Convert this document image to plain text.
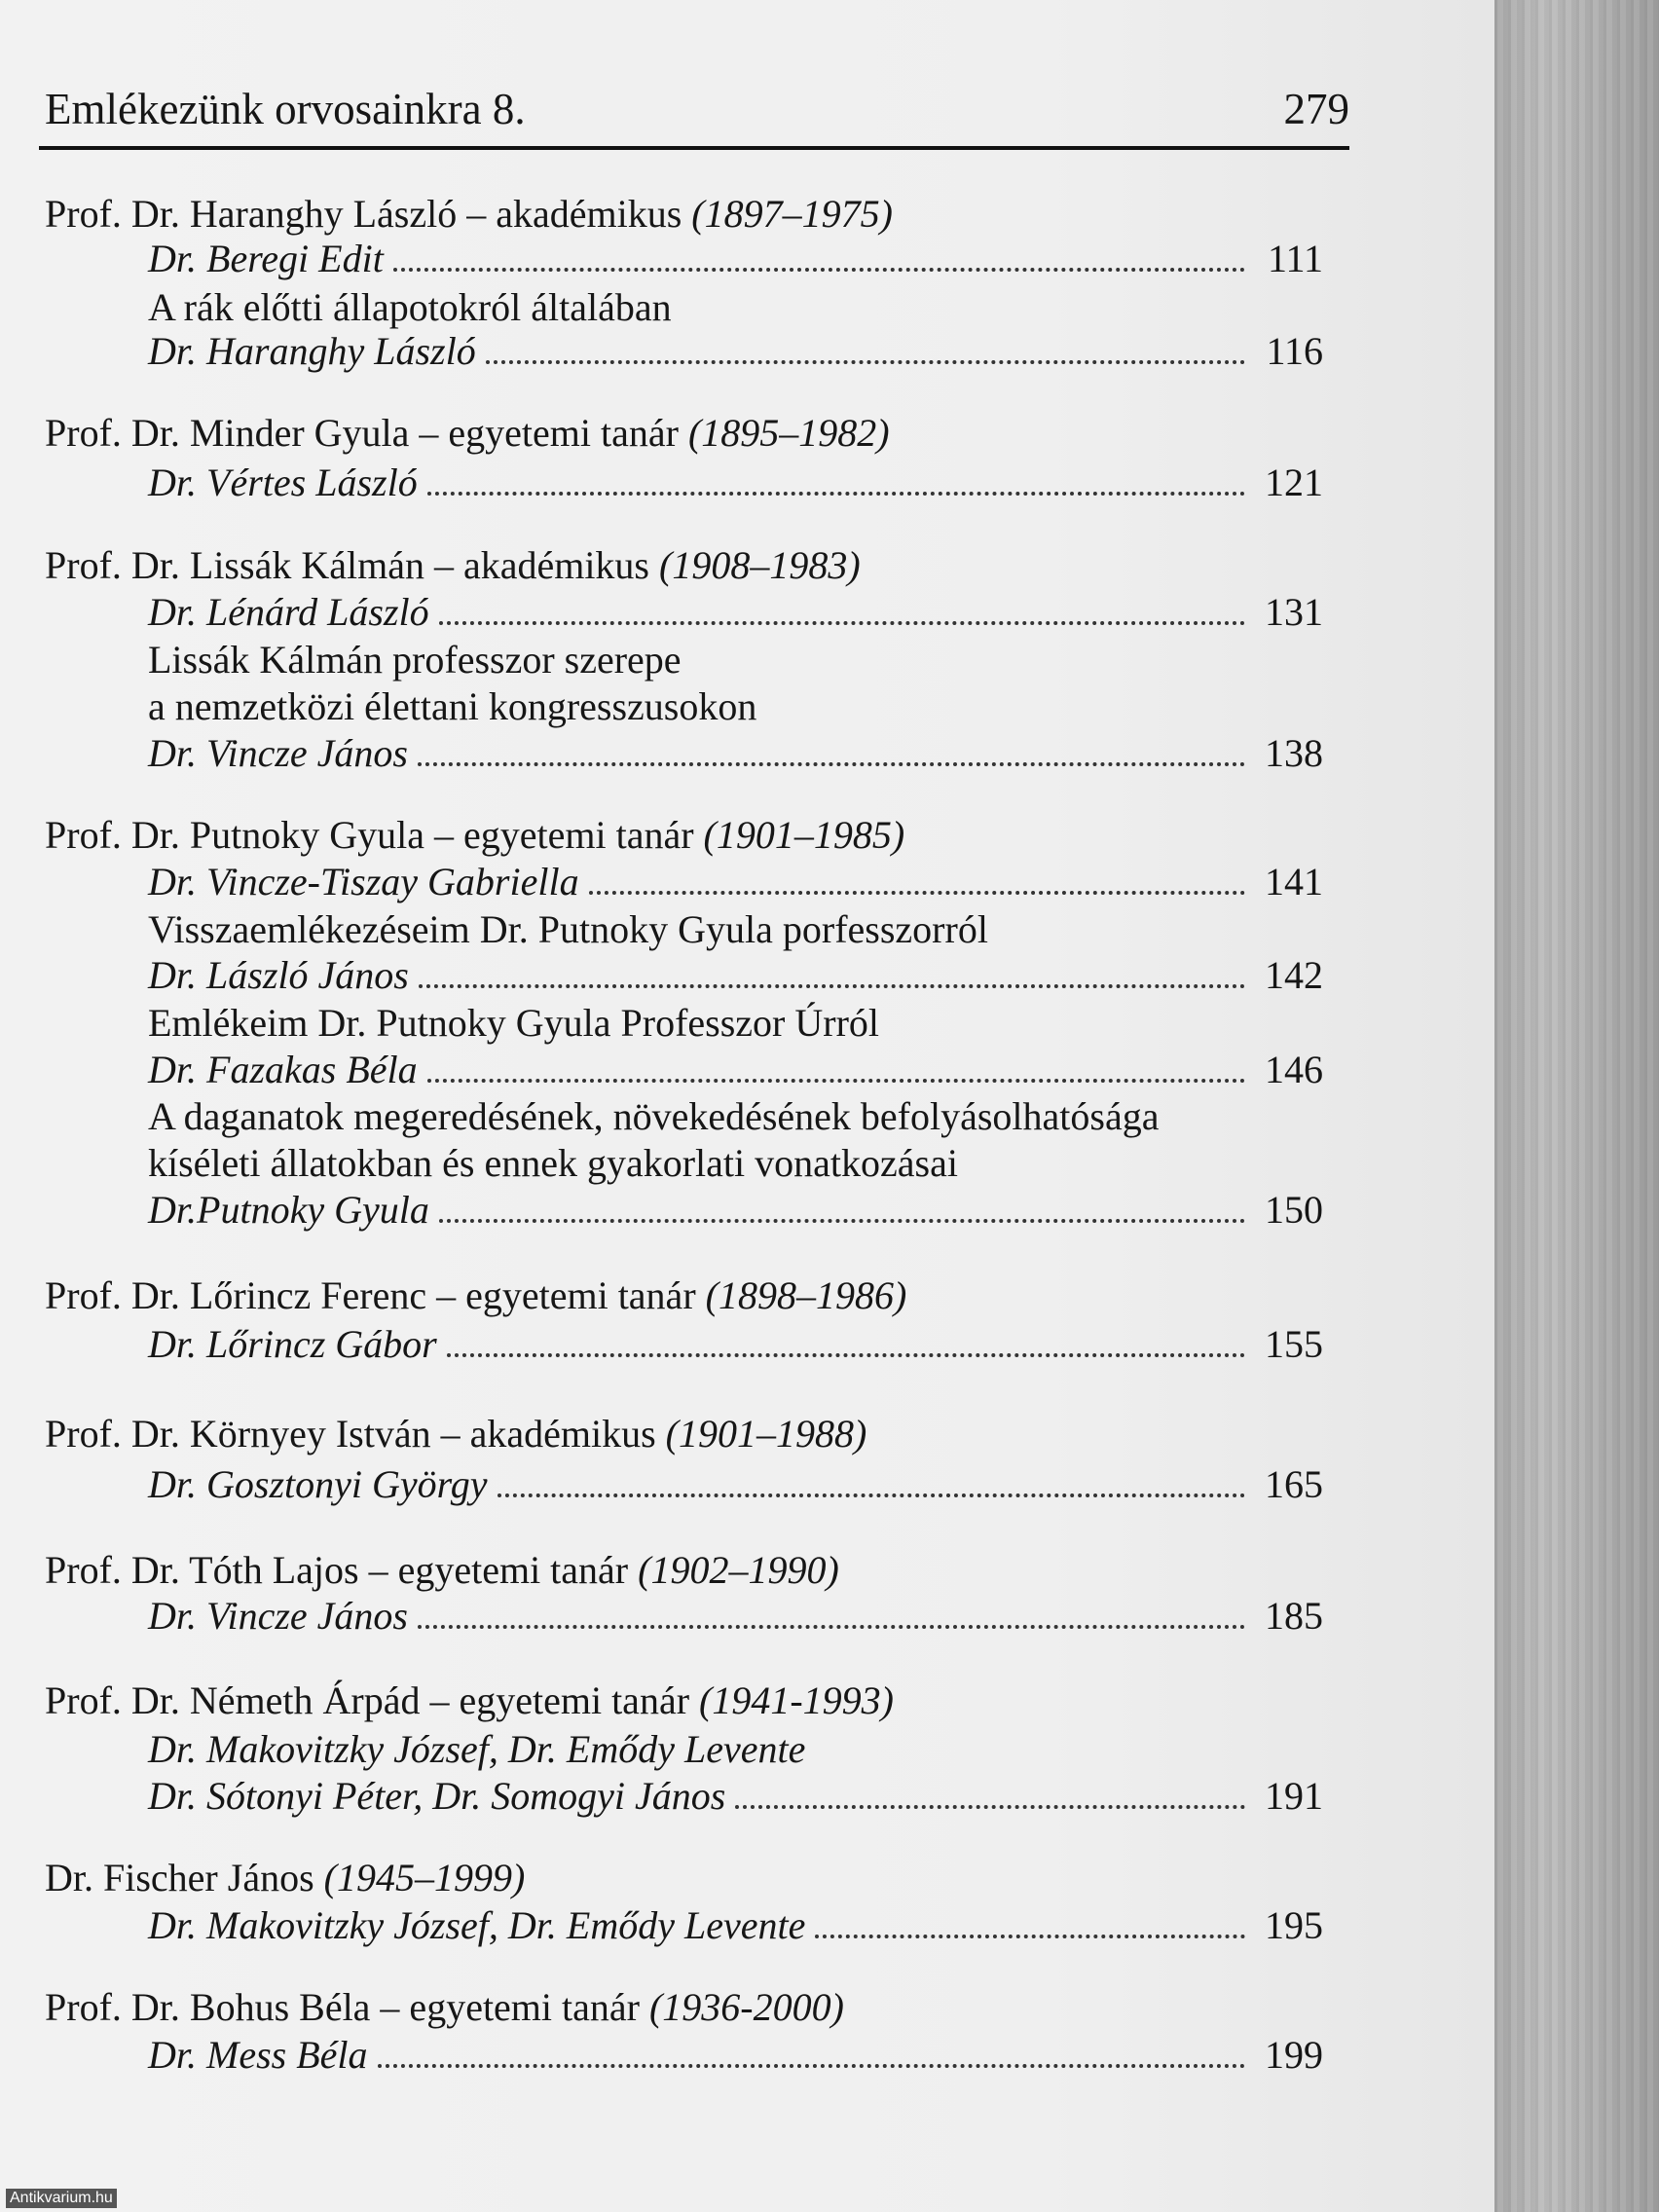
Emlékezünk orvosainkra 8.	279
Prof. Dr. Haranghy László – akadémikus (1897–1975)
Dr. Beregi Edit	111
A rák előtti állapotokról általában
Dr. Haranghy László	116
Prof. Dr. Minder Gyula – egyetemi tanár (1895–1982)
Dr. Vértes László	121
Prof. Dr. Lissák Kálmán – akadémikus (1908–1983)
Dr. Lénárd László	131
Lissák Kálmán professzor szerepe
a nemzetközi élettani kongresszusokon
Dr. Vincze János	138
Prof. Dr. Putnoky Gyula – egyetemi tanár (1901–1985)
Dr. Vincze-Tiszay Gabriella	141
Visszaemlékezéseim Dr. Putnoky Gyula porfesszorról
Dr. László János	142
Emlékeim Dr. Putnoky Gyula Professzor Úrról
Dr. Fazakas Béla	146
A daganatok megeredésének, növekedésének befolyásolhatósága
kíséleti állatokban és ennek gyakorlati vonatkozásai
Dr.Putnoky Gyula	150
Prof. Dr. Lőrincz Ferenc – egyetemi tanár (1898–1986)
Dr. Lőrincz Gábor	155
Prof. Dr. Környey István – akadémikus (1901–1988)
Dr. Gosztonyi György	165
Prof. Dr. Tóth Lajos – egyetemi tanár (1902–1990)
Dr. Vincze János	185
Prof. Dr. Németh Árpád – egyetemi tanár (1941-1993)
Dr. Makovitzky József, Dr. Emődy Levente
Dr. Sótonyi Péter, Dr. Somogyi János	191
Dr. Fischer János (1945–1999)
Dr. Makovitzky József, Dr. Emődy Levente	195
Prof. Dr. Bohus Béla – egyetemi tanár (1936-2000)
Dr. Mess Béla	199
Antikvarium.hu
